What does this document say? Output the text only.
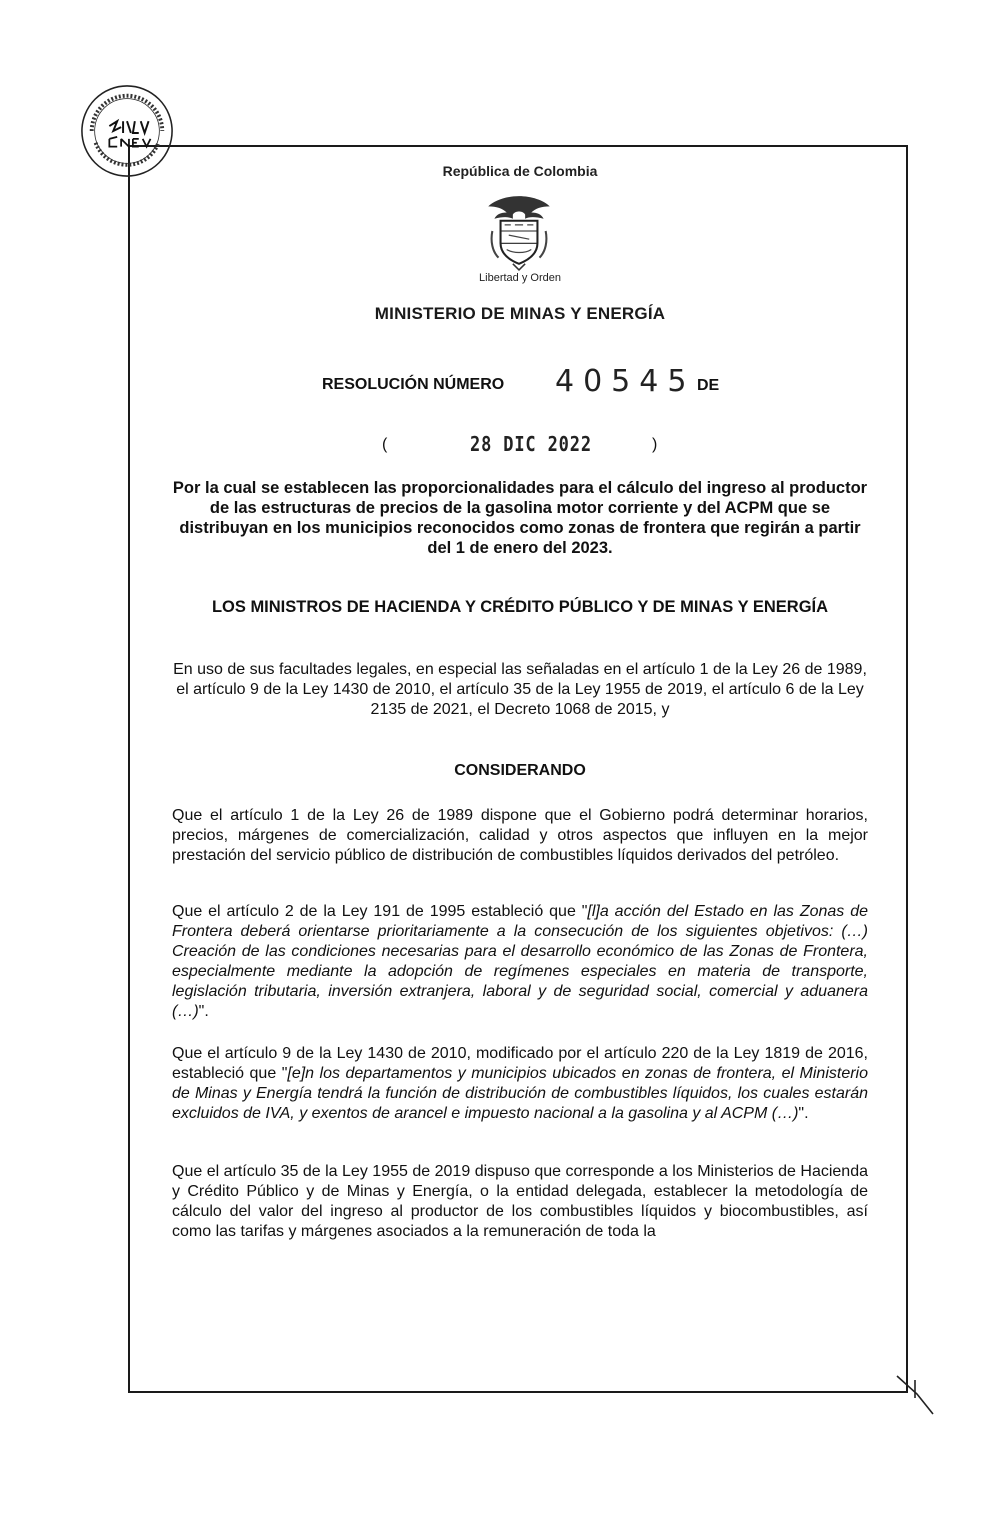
República de Colombia
Libertad y Orden
MINISTERIO DE MINAS Y ENERGÍA
RESOLUCIÓN NÚMERO 40545 DE
(	28 DIC 2022	)
Por la cual se establecen las proporcionalidades para el cálculo del ingreso al productor de las estructuras de precios de la gasolina motor corriente y del ACPM que se distribuyan en los municipios reconocidos como zonas de frontera que regirán a partir del 1 de enero del 2023.
LOS MINISTROS DE HACIENDA Y CRÉDITO PÚBLICO Y DE MINAS Y ENERGÍA
En uso de sus facultades legales, en especial las señaladas en el artículo 1 de la Ley 26 de 1989, el artículo 9 de la Ley 1430 de 2010, el artículo 35 de la Ley 1955 de 2019, el artículo 6 de la Ley 2135 de 2021, el Decreto 1068 de 2015, y
CONSIDERANDO
Que el artículo 1 de la Ley 26 de 1989 dispone que el Gobierno podrá determinar horarios, precios, márgenes de comercialización, calidad y otros aspectos que influyen en la mejor prestación del servicio público de distribución de combustibles líquidos derivados del petróleo.
Que el artículo 2 de la Ley 191 de 1995 estableció que "[l]a acción del Estado en las Zonas de Frontera deberá orientarse prioritariamente a la consecución de los siguientes objetivos: (…) Creación de las condiciones necesarias para el desarrollo económico de las Zonas de Frontera, especialmente mediante la adopción de regímenes especiales en materia de transporte, legislación tributaria, inversión extranjera, laboral y de seguridad social, comercial y aduanera (…)".
Que el artículo 9 de la Ley 1430 de 2010, modificado por el artículo 220 de la Ley 1819 de 2016, estableció que "[e]n los departamentos y municipios ubicados en zonas de frontera, el Ministerio de Minas y Energía tendrá la función de distribución de combustibles líquidos, los cuales estarán excluidos de IVA, y exentos de arancel e impuesto nacional a la gasolina y al ACPM (…)".
Que el artículo 35 de la Ley 1955 de 2019 dispuso que corresponde a los Ministerios de Hacienda y Crédito Público y de Minas y Energía, o la entidad delegada, establecer la metodología de cálculo del valor del ingreso al productor de los combustibles líquidos y biocombustibles, así como las tarifas y márgenes asociados a la remuneración de toda la
